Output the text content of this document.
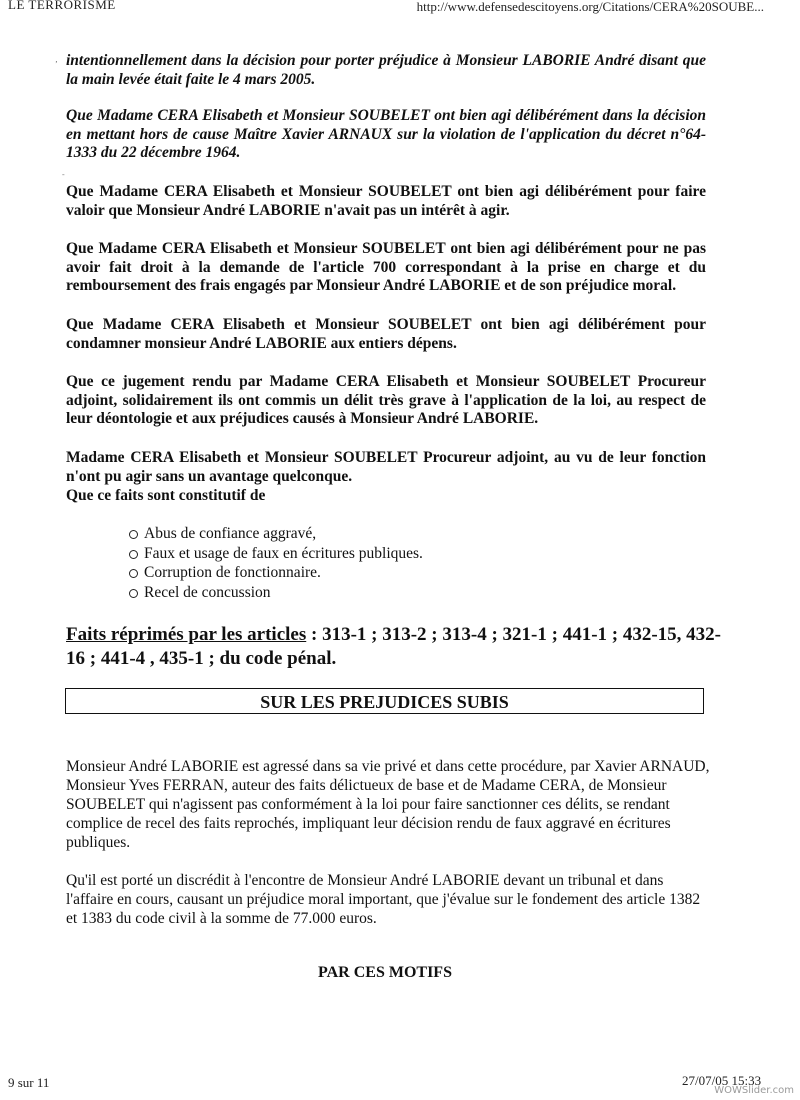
LE TERRORISME	http://www.defensedescitoyens.org/Citations/CERA%20SOUBE...
‚ intentionnellement dans la décision pour porter préjudice à Monsieur LABORIE André disant que la main levée était faite le 4 mars 2005.
Que Madame CERA Elisabeth et Monsieur SOUBELET ont bien agi délibérément dans la décision en mettant hors de cause Maître Xavier ARNAUX sur la violation de l'application du décret n°64-1333 du 22 décembre 1964.
-
Que Madame CERA Elisabeth et Monsieur SOUBELET ont bien agi délibérément pour faire valoir que Monsieur André LABORIE n'avait pas un intérêt à agir.
Que Madame CERA Elisabeth et Monsieur SOUBELET ont bien agi délibérément pour ne pas avoir fait droit à la demande de l'article 700 correspondant à la prise en charge et du remboursement des frais engagés par Monsieur André LABORIE et de son préjudice moral.
Que Madame CERA Elisabeth et Monsieur SOUBELET ont bien agi délibérément pour condamner monsieur André LABORIE aux entiers dépens.
Que ce jugement rendu par Madame CERA Elisabeth et Monsieur SOUBELET Procureur adjoint, solidairement ils ont commis un délit très grave à l'application de la loi, au respect de leur déontologie et aux préjudices causés à Monsieur André LABORIE.
Madame CERA Elisabeth et Monsieur SOUBELET Procureur adjoint, au vu de leur fonction n'ont pu agir sans un avantage quelconque.
Que ce faits sont constitutif de
Abus de confiance aggravé,
Faux et usage de faux en écritures publiques.
Corruption de fonctionnaire.
Recel de concussion
Faits réprimés par les articles : 313-1 ; 313-2 ; 313-4 ; 321-1 ; 441-1 ; 432-15, 432-16 ; 441-4 , 435-1 ; du code pénal.
SUR LES PREJUDICES SUBIS
Monsieur André LABORIE est agressé dans sa vie privé et dans cette procédure, par Xavier ARNAUD, Monsieur Yves FERRAN, auteur des faits délictueux de base et de Madame CERA, de Monsieur SOUBELET qui n'agissent pas conformément à la loi pour faire sanctionner ces délits, se rendant complice de recel des faits reprochés, impliquant leur décision rendu de faux aggravé en écritures publiques.
Qu'il est porté un discrédit à l'encontre de Monsieur André LABORIE devant un tribunal et dans l'affaire en cours, causant un préjudice moral important, que j'évalue sur le fondement des article 1382 et 1383 du code civil à la somme de 77.000 euros.
PAR CES MOTIFS
9 sur 11	27/07/05 15:33
WOWSlider.com
